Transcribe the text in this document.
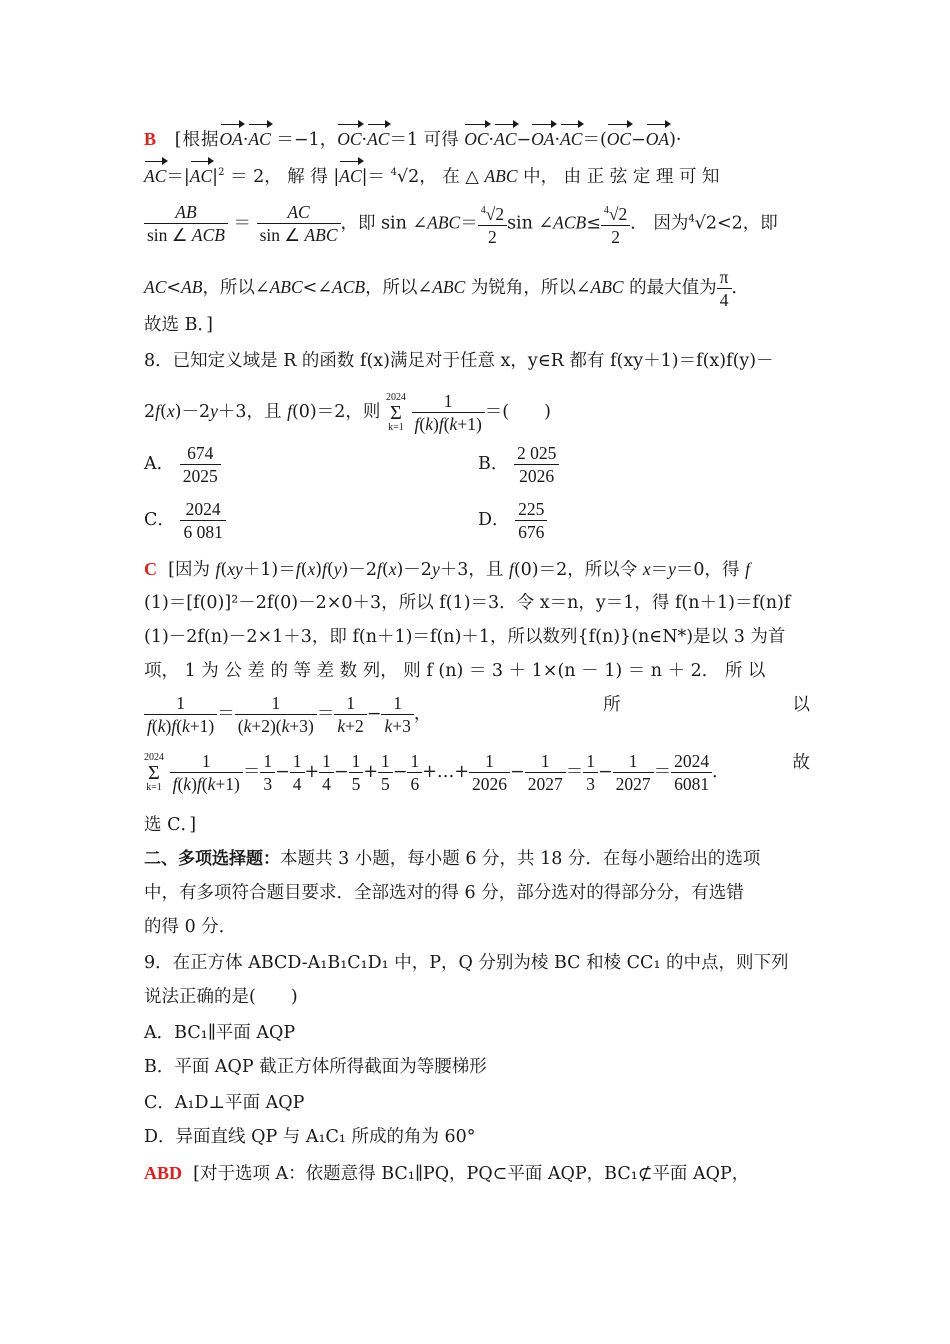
B   [根据OA·AC ＝−1，OC·AC＝1 可得 OC·AC−OA·AC＝(OC−OA)·
$AC=|AC|^2 = 2$， 解 得 |AC|＝ $^4$√2， 在 △ ABC 中， 由 正 弦 定 理 可 知
$\frac{AB}{\text{sin ∠ ACB}} = \frac{AC}{\text{sin ∠ ABC}}$ ，即 sin ∠ABC＝ $\frac{^4√2}{2}$ sin ∠ACB≤ $\frac{^4√2}{2}$ ． 因为$^4$√2<2，即
AC<AB，所以∠ABC<∠ACB，所以∠ABC 为锐角，所以∠ABC 的最大值为 $\frac{\pi}{4}$ ．
故选 B．]
8．已知定义域是 R 的函数 f(x)满足对于任意 x，y∈R 都有 f(xy＋1)＝f(x)f(y)－
2f(x)－2y＋3，且 f(0)＝2，则 2024
Σ
$k=1 \frac{1}{f(k)f(k+1)}$ ＝(　　)
A． $\frac{674}{2025}$	B． $\frac{2 025}{2026}$
C． $\frac{2024}{6 081}$	D． $\frac{225}{676}$
C  [因为 f(xy＋1)＝f(x)f(y)－2f(x)－2y＋3，且 f(0)＝2，所以令 x＝y＝0，得 f
(1)＝[f(0)]²－2f(0)－2×0＋3，所以 f(1)＝3．令 x＝n，y＝1，得 f(n＋1)＝f(n)f
(1)－2f(n)－2×1＋3，即 f(n＋1)＝f(n)＋1，所以数列{f(n)}(n∈N*)是以 3 为首
项， 1 为 公 差 的 等 差 数 列， 则 f (n) ＝ 3 ＋ 1×(n － 1) ＝ n ＋ 2． 所 以
$\frac{1}{f(k)f(k+1)} = \frac{1}{(k+2)(k+3)} = \frac{1}{k+2} - \frac{1}{k+3}$ ，	所	以
2024
Σ
$k=1 \frac{1}{f(k)f(k+1)} = \frac{1}{3} - \frac{1}{4} + \frac{1}{4} - \frac{1}{5} + \frac{1}{5} - \frac{1}{6}$ +…+ $\frac{1}{2026} - \frac{1}{2027} = \frac{1}{3} - \frac{1}{2027} = \frac{2024}{6081}$ ．	故
选 C．]
二、多项选择题：本题共 3 小题，每小题 6 分，共 18 分．在每小题给出的选项
中，有多项符合题目要求．全部选对的得 6 分，部分选对的得部分分，有选错
的得 0 分．
9．在正方体 ABCD-A₁B₁C₁D₁ 中，P，Q 分别为棱 BC 和棱 CC₁ 的中点，则下列
说法正确的是(　　)
A．BC₁∥平面 AQP
B．平面 AQP 截正方体所得截面为等腰梯形
C．A₁D⊥平面 AQP
D．异面直线 QP 与 A₁C₁ 所成的角为 60°
ABD [对于选项 A：依题意得 BC₁∥PQ，PQ⊂平面 AQP，BC₁⊄平面 AQP，
